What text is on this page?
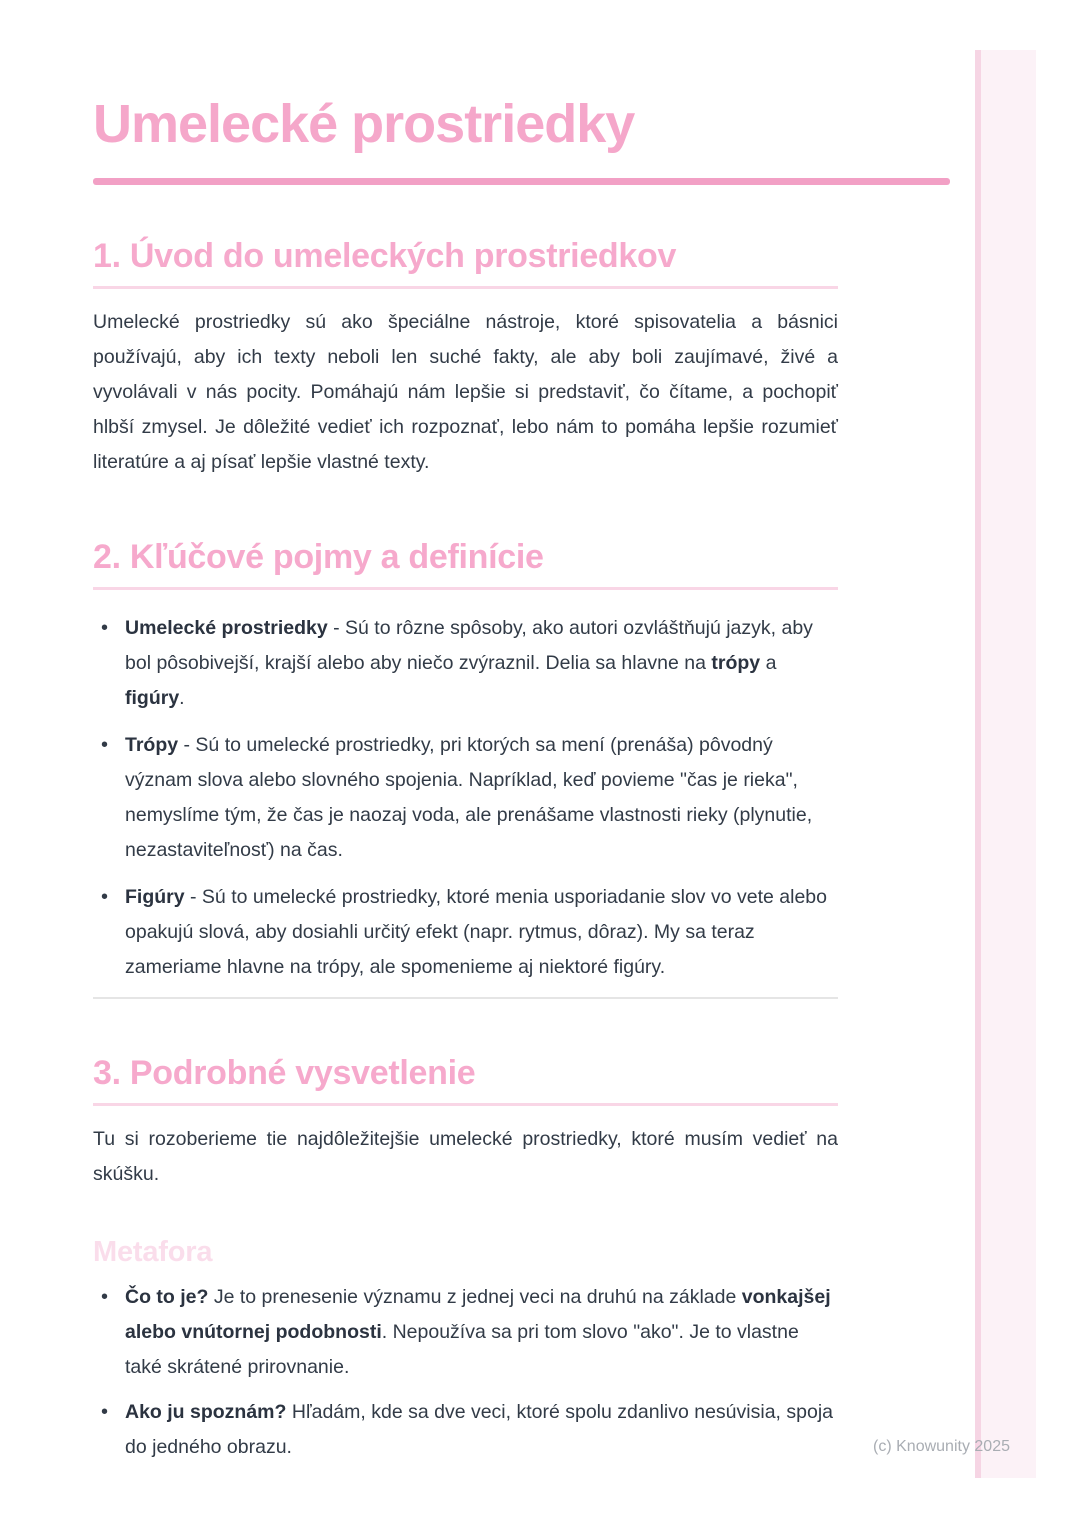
Umelecké prostriedky
1. Úvod do umeleckých prostriedkov

Umelecké prostriedky sú ako špeciálne nástroje, ktoré spisovatelia a básnici používajú, aby ich texty neboli len suché fakty, ale aby boli zaujímavé, živé a vyvolávali v nás pocity. Pomáhajú nám lepšie si predstaviť, čo čítame, a pochopiť hlbší zmysel. Je dôležité vedieť ich rozpoznať, lebo nám to pomáha lepšie rozumieť literatúre a aj písať lepšie vlastné texty.

2. Kľúčové pojmy a definície
• Umelecké prostriedky - Sú to rôzne spôsoby, ako autori ozvláštňujú jazyk, aby bol pôsobivejší, krajší alebo aby niečo zvýraznil. Delia sa hlavne na trópy a figúry.
• Trópy - Sú to umelecké prostriedky, pri ktorých sa mení (prenáša) pôvodný význam slova alebo slovného spojenia. Napríklad, keď povieme "čas je rieka", nemyslíme tým, že čas je naozaj voda, ale prenášame vlastnosti rieky (plynutie, nezastaviteľnosť) na čas.
• Figúry - Sú to umelecké prostriedky, ktoré menia usporiadanie slov vo vete alebo opakujú slová, aby dosiahli určitý efekt (napr. rytmus, dôraz). My sa teraz zameriame hlavne na trópy, ale spomenieme aj niektoré figúry.
3. Podrobné vysvetlenie

Tu si rozoberieme tie najdôležitejšie umelecké prostriedky, ktoré musím vedieť na skúšku.

Metafora
• Čo to je? Je to prenesenie významu z jednej veci na druhú na základe vonkajšej alebo vnútornej podobnosti. Nepoužíva sa pri tom slovo "ako". Je to vlastne také skrátené prirovnanie.
• Ako ju spoznám? Hľadám, kde sa dve veci, ktoré spolu zdanlivo nesúvisia, spoja do jedného obrazu.	(c) Knowunity 2025
